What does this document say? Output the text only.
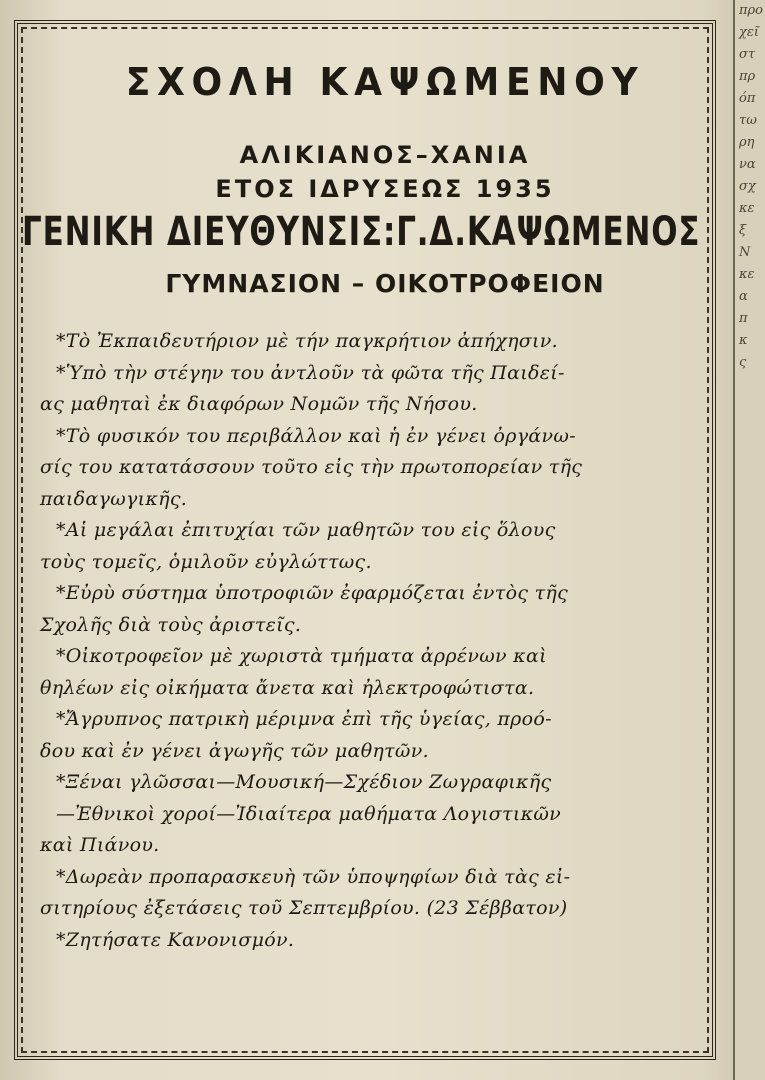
προ
χεῖ
στ
πρ
όπ
τω
ρη
να
σχ
κε
ξ
Ν
κε
α
π
κ
ς
ΣΧΟΛΗ ΚΑΨΩΜΕΝΟΥ
ΑΛΙΚΙΑΝΟΣ–ΧΑΝΙΑ
ΕΤΟΣ ΙΔΡΥΣΕΩΣ 1935
ΓΕΝΙΚΗ ΔΙΕΥΘΥΝΣΙΣ:Γ.Δ.ΚΑΨΩΜΕΝΟΣ
ΓΥΜΝΑΣΙΟΝ – ΟΙΚΟΤΡΟΦΕΙΟΝ

*Τὸ Ἐκπαιδευτήριον μὲ τήν παγκρήτιον ἀπήχησιν.

*Ὑπὸ τὴν στέγην του ἀντλοῦν τὰ φῶτα τῆς Παιδεί-

ας μαθηταὶ ἐκ διαφόρων Νομῶν τῆς Νήσου.

*Τὸ φυσικόν του περιβάλλον καὶ ἡ ἐν γένει ὀργάνω-

σίς του κατατάσσουν τοῦτο εἰς τὴν πρωτοπορείαν τῆς

παιδαγωγικῆς.

*Αἱ μεγάλαι ἐπιτυχίαι τῶν μαθητῶν του εἰς ὅλους

τοὺς τομεῖς, ὁμιλοῦν εὐγλώττως.

*Εὐρὺ σύστημα ὑποτροφιῶν ἐφαρμόζεται ἐντὸς τῆς

Σχολῆς διὰ τοὺς ἀριστεῖς.

*Οἰκοτροφεῖον μὲ χωριστὰ τμήματα ἀρρένων καὶ

θηλέων εἰς οἰκήματα ἄνετα καὶ ἠλεκτροφώτιστα.

*Ἄγρυπνος πατρικὴ μέριμνα ἐπὶ τῆς ὑγείας, προό-

δου καὶ ἐν γένει ἀγωγῆς τῶν μαθητῶν.

*Ξέναι γλῶσσαι—Μουσική—Σχέδιον Ζωγραφικῆς

—Ἐθνικοὶ χοροί—Ἰδιαίτερα μαθήματα Λογιστικῶν

καὶ Πιάνου.

*Δωρεὰν προπαρασκευὴ τῶν ὑποψηφίων διὰ τὰς εἰ-

σιτηρίους ἐξετάσεις τοῦ Σεπτεμβρίου. (23 Σέββατον)

*Ζητήσατε Κανονισμόν.
